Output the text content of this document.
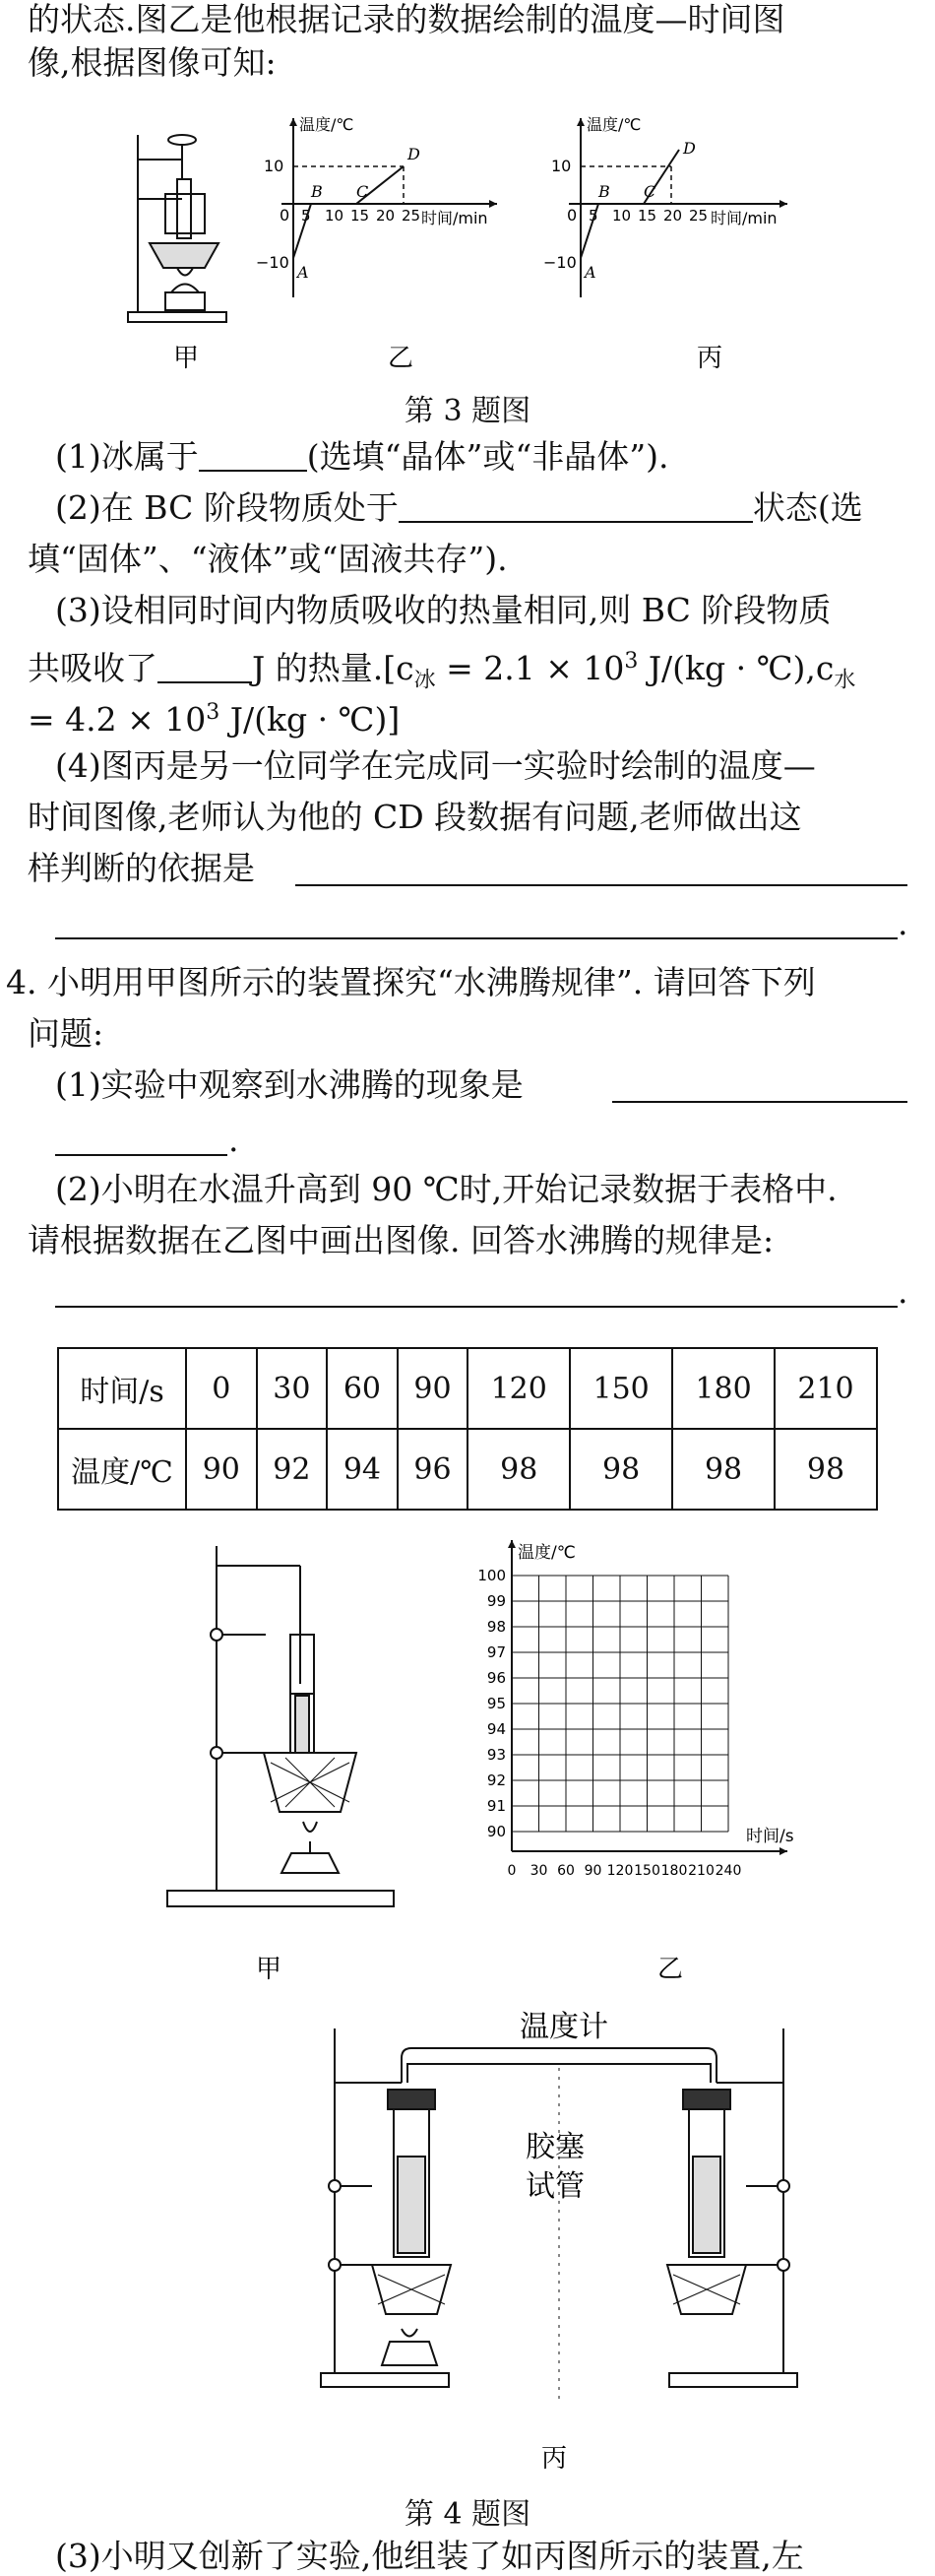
的状态.图乙是他根据记录的数据绘制的温度—时间图
像,根据图像可知:
甲
温度/℃
时间/min
10
0
−10
5 10 15 20 25
A
B C
D
乙
温度/℃
时间/min
10
0
−10
5 10 15 20 25
A
B C
D
丙
第 3 题图
(1)冰属于	(选填“晶体”或“非晶体”).
(2)在 BC 阶段物质处于	状态(选
填“固体”、“液体”或“固液共存”).
(3)设相同时间内物质吸收的热量相同,则 BC 阶段物质
共吸收了	J 的热量$.[c_冰 = 2.1 \times 10^3$ $J/(kg \cdot ℃),c_水$
= $4.2 \times 10^3$ J/(kg · ℃)]
(4)图丙是另一位同学在完成同一实验时绘制的温度—
时间图像,老师认为他的 CD 段数据有问题,老师做出这
样判断的依据是
.
4. 小明用甲图所示的装置探究“水沸腾规律”. 请回答下列
问题:
(1)实验中观察到水沸腾的现象是
.
(2)小明在水温升高到 90 ℃时,开始记录数据于表格中.
请根据数据在乙图中画出图像. 回答水沸腾的规律是:
.
时间/s	0	30	60	90	120	150	180	210
温度/℃	90	92	94	96	98	98	98	98
甲
温度/℃
时间/s
100
99
98
97
96
95
94
93
92
91
90
0 30 60 90 120 150 180 210 240
乙
温度计
胶塞
试管
丙
第 4 题图
(3)小明又创新了实验,他组装了如丙图所示的装置,左
